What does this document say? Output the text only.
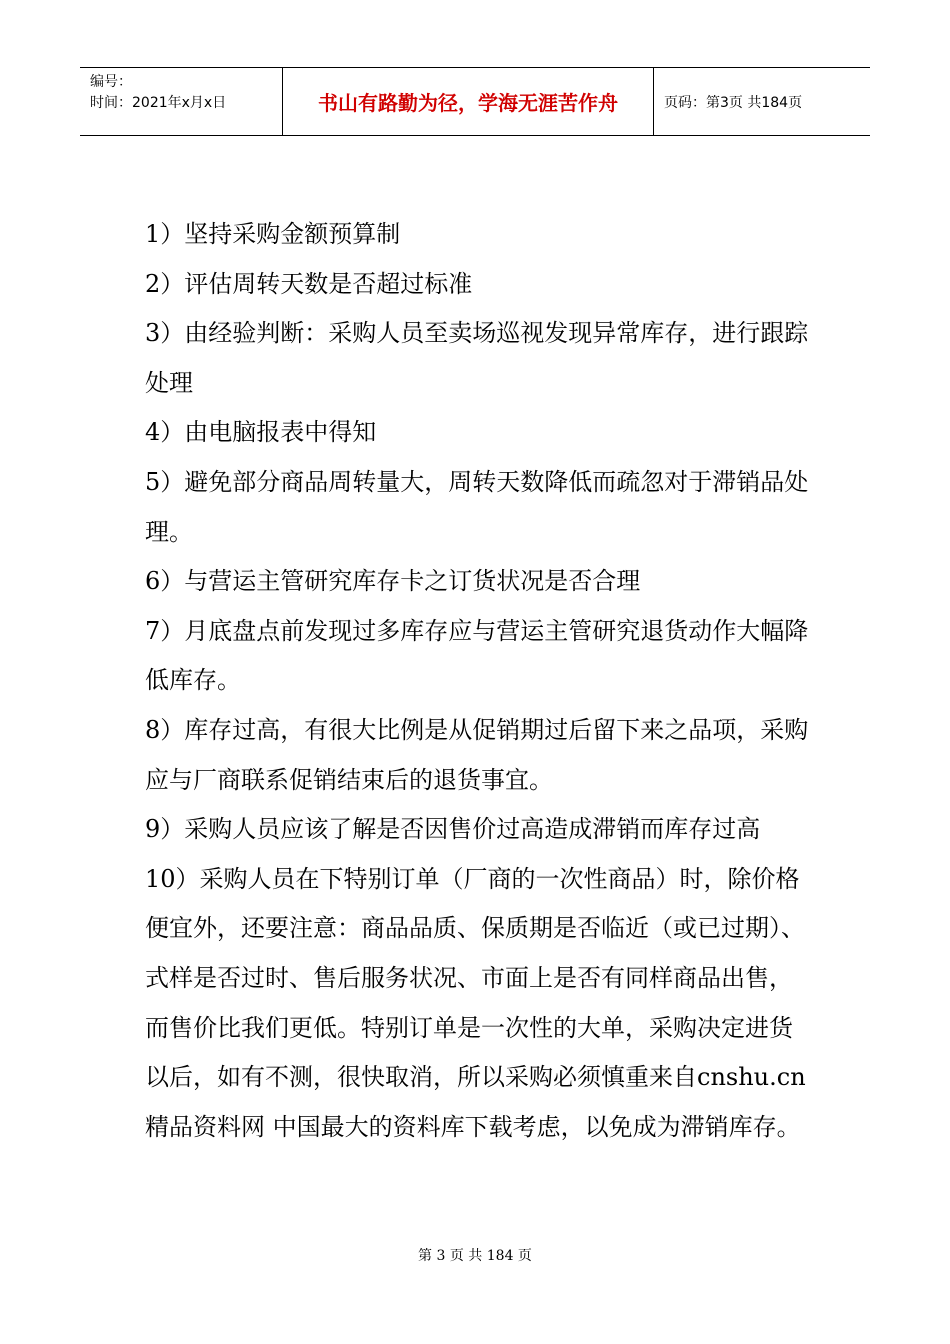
编号：
时间：2021年x月x日	书山有路勤为径，学海无涯苦作舟	页码：第3页 共184页

1）坚持采购金额预算制

2）评估周转天数是否超过标准

3）由经验判断：采购人员至卖场巡视发现异常库存，进行跟踪处理

4）由电脑报表中得知

5）避免部分商品周转量大，周转天数降低而疏忽对于滞销品处理。

6）与营运主管研究库存卡之订货状况是否合理

7）月底盘点前发现过多库存应与营运主管研究退货动作大幅降低库存。

8）库存过高，有很大比例是从促销期过后留下来之品项，采购应与厂商联系促销结束后的退货事宜。

9）采购人员应该了解是否因售价过高造成滞销而库存过高

10）采购人员在下特别订单（厂商的一次性商品）时，除价格便宜外，还要注意：商品品质、保质期是否临近（或已过期）、式样是否过时、售后服务状况、市面上是否有同样商品出售，而售价比我们更低。特别订单是一次性的大单，采购决定进货以后，如有不测，很快取消，所以采购必须慎重来自cnshu.cn精品资料网 中国最大的资料库下载考虑，以免成为滞销库存。

第 3 页 共 184 页
